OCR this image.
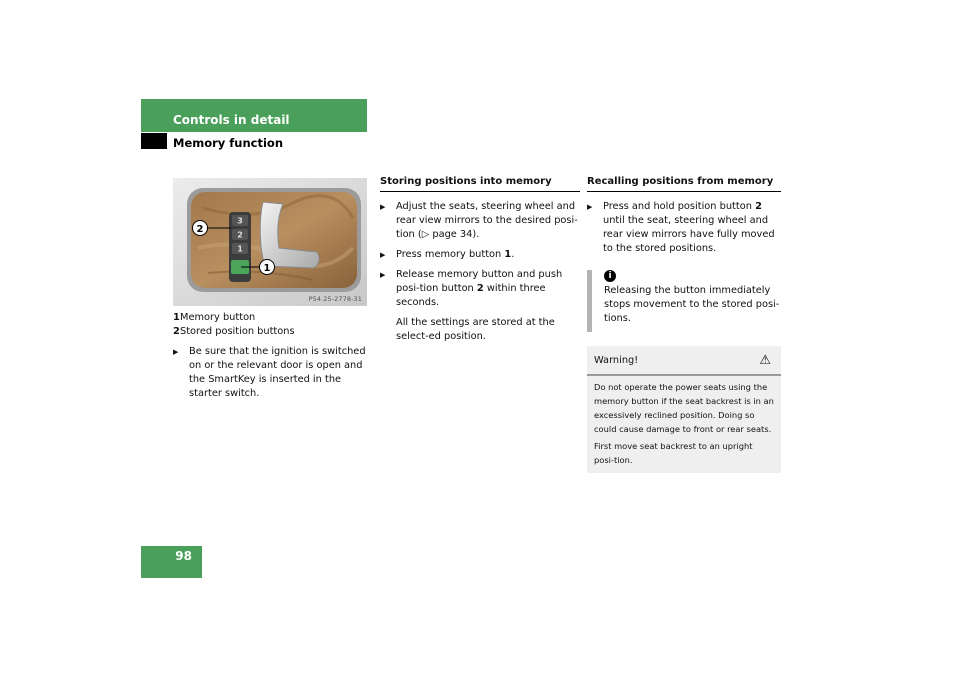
Controls in detail
Memory function
3
2
1
2
1
P54.25-2778-31
1 Memory button
2 Stored position buttons
▶ Be sure that the ignition is switched on or the relevant door is open and the SmartKey is inserted in the starter switch.
Storing positions into memory
▶ Adjust the seats, steering wheel and rear view mirrors to the desired posi-tion (▷ page 34).
▶ Press memory button 1.
▶ Release memory button and push posi-tion button 2 within three seconds.
All the settings are stored at the select-ed position.
Recalling positions from memory
▶ Press and hold position button 2 until the seat, steering wheel and rear view mirrors have fully moved to the stored positions.
i
Releasing the button immediately stops movement to the stored posi-tions.
Warning!	⚠

Do not operate the power seats using the memory button if the seat backrest is in an excessively reclined position. Doing so could cause damage to front or rear seats.

First move seat backrest to an upright posi-tion.

98
